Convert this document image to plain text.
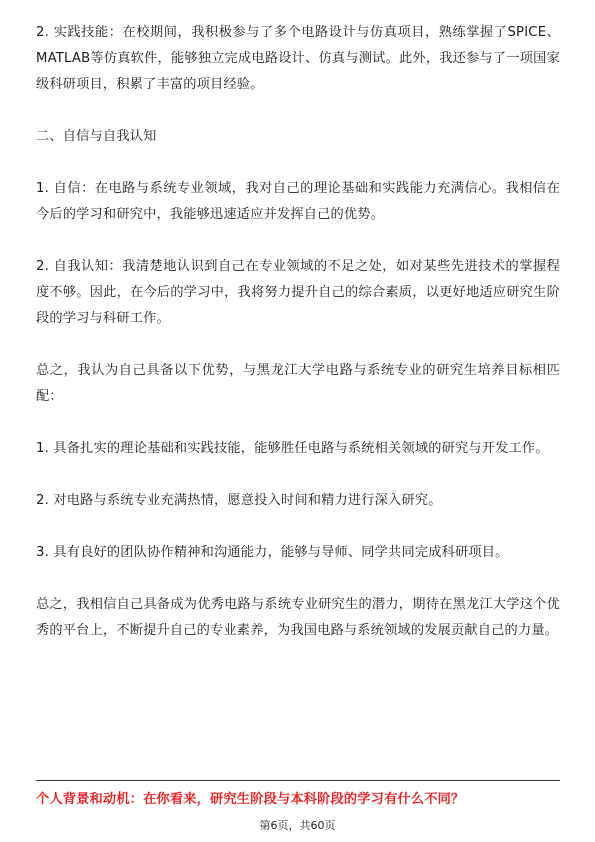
2. 实践技能：在校期间，我积极参与了多个电路设计与仿真项目，熟练掌握了SPICE、MATLAB等仿真软件，能够独立完成电路设计、仿真与测试。此外，我还参与了一项国家级科研项目，积累了丰富的项目经验。

二、自信与自我认知

1. 自信：在电路与系统专业领域，我对自己的理论基础和实践能力充满信心。我相信在今后的学习和研究中，我能够迅速适应并发挥自己的优势。

2. 自我认知：我清楚地认识到自己在专业领域的不足之处，如对某些先进技术的掌握程度不够。因此，在今后的学习中，我将努力提升自己的综合素质，以更好地适应研究生阶段的学习与科研工作。

总之，我认为自己具备以下优势，与黑龙江大学电路与系统专业的研究生培养目标相匹配：

1. 具备扎实的理论基础和实践技能，能够胜任电路与系统相关领域的研究与开发工作。

2. 对电路与系统专业充满热情，愿意投入时间和精力进行深入研究。

3. 具有良好的团队协作精神和沟通能力，能够与导师、同学共同完成科研项目。

总之，我相信自己具备成为优秀电路与系统专业研究生的潜力，期待在黑龙江大学这个优秀的平台上，不断提升自己的专业素养，为我国电路与系统领域的发展贡献自己的力量。

个人背景和动机：在你看来，研究生阶段与本科阶段的学习有什么不同？
第6页，共60页
